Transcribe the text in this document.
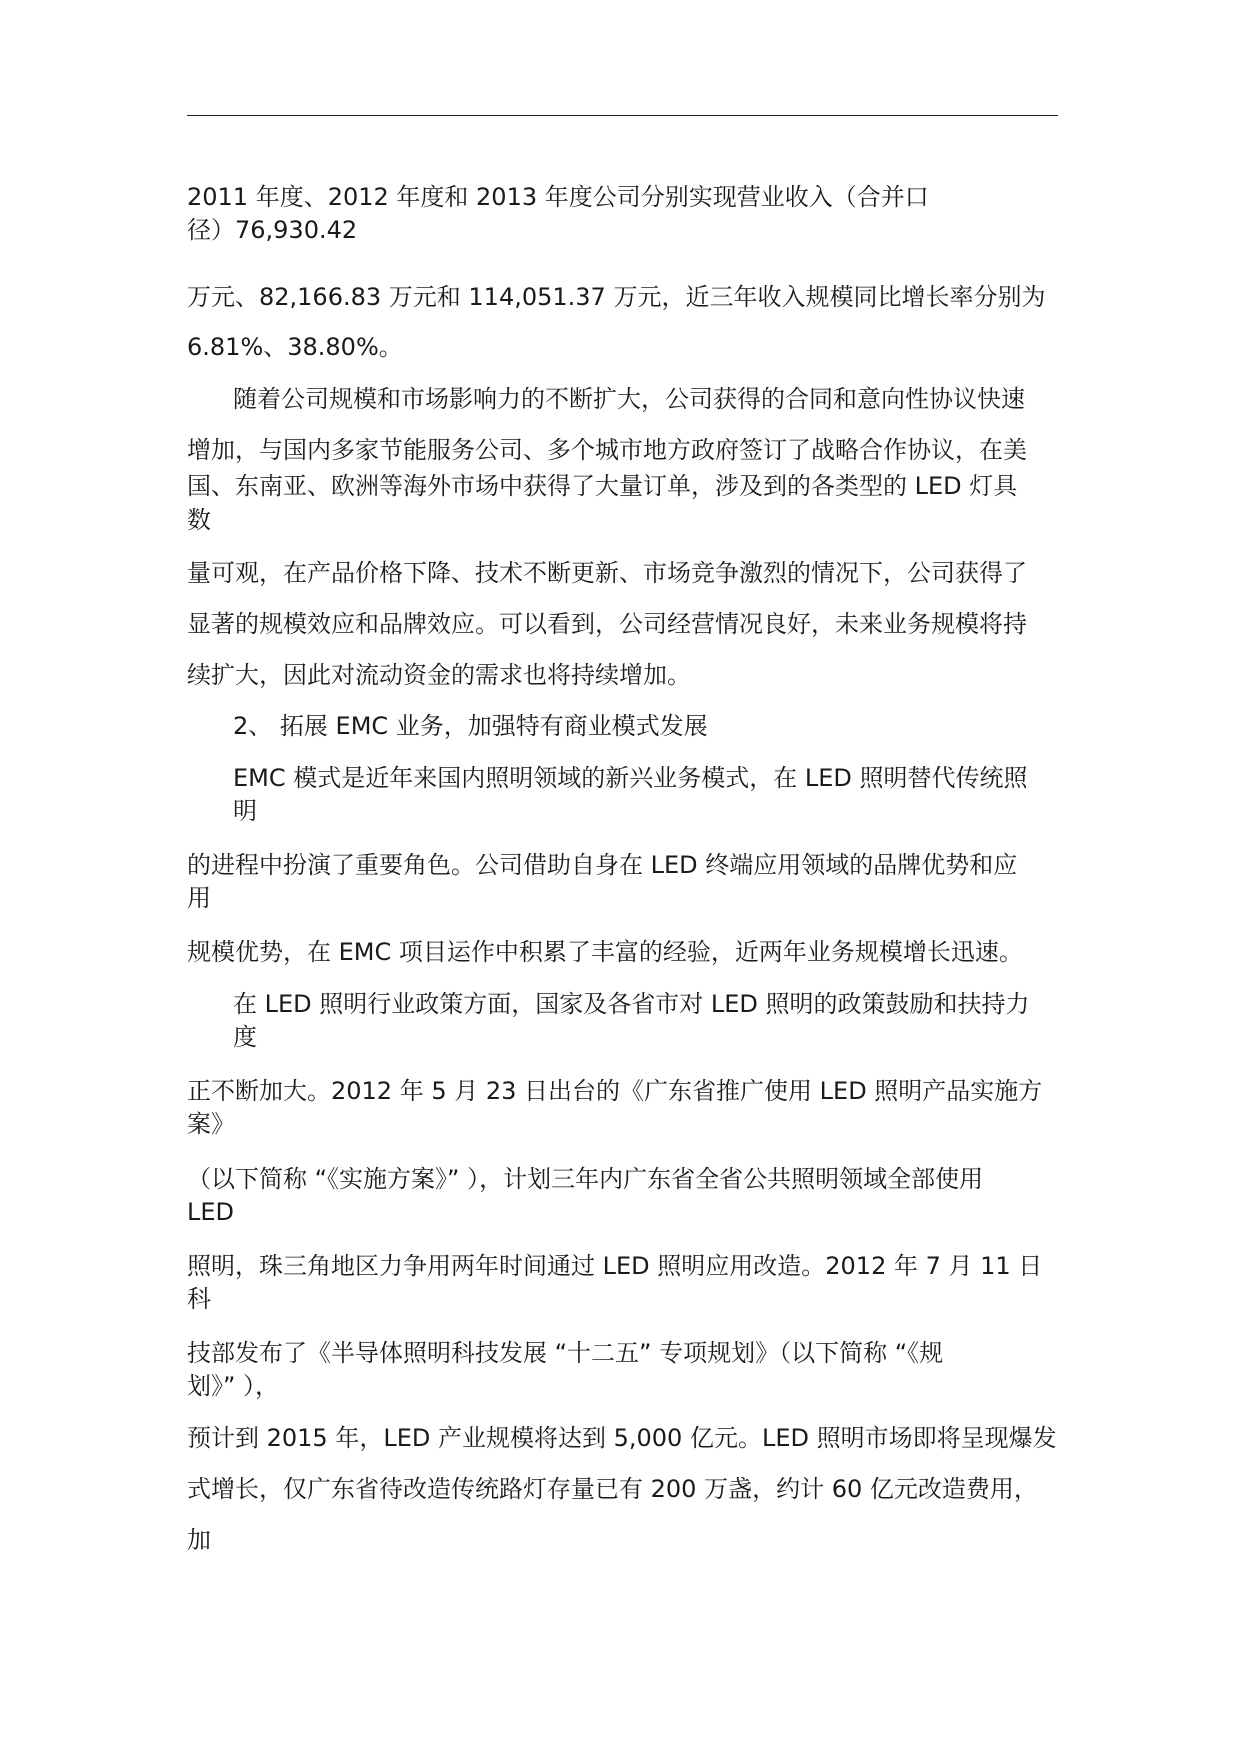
2011 年度、2012 年度和 2013 年度公司分别实现营业收入（合并口
径）76,930.42
万元、82,166.83 万元和 114,051.37 万元，近三年收入规模同比增长率分别为
6.81%、38.80%。
随着公司规模和市场影响力的不断扩大，公司获得的合同和意向性协议快速
增加，与国内多家节能服务公司、多个城市地方政府签订了战略合作协议，在美
国、东南亚、欧洲等海外市场中获得了大量订单，涉及到的各类型的 LED 灯具
数
量可观，在产品价格下降、技术不断更新、市场竞争激烈的情况下，公司获得了
显著的规模效应和品牌效应。可以看到，公司经营情况良好，未来业务规模将持
续扩大，因此对流动资金的需求也将持续增加。
2、 拓展 EMC 业务，加强特有商业模式发展
EMC 模式是近年来国内照明领域的新兴业务模式，在 LED 照明替代传统照
明
的进程中扮演了重要角色。公司借助自身在 LED 终端应用领域的品牌优势和应
用
规模优势，在 EMC 项目运作中积累了丰富的经验，近两年业务规模增长迅速。
在 LED 照明行业政策方面，国家及各省市对 LED 照明的政策鼓励和扶持力
度
正不断加大。2012 年 5 月 23 日出台的《广东省推广使用 LED 照明产品实施方
案》
（以下简称 “《实施方案》” ），计划三年内广东省全省公共照明领域全部使用
LED
照明，珠三角地区力争用两年时间通过 LED 照明应用改造。2012 年 7 月 11 日
科
技部发布了《半导体照明科技发展 “十二五” 专项规划》（以下简称 “《规
划》” ），
预计到 2015 年，LED 产业规模将达到 5,000 亿元。LED 照明市场即将呈现爆发
式增长，仅广东省待改造传统路灯存量已有 200 万盏，约计 60 亿元改造费用，
加
